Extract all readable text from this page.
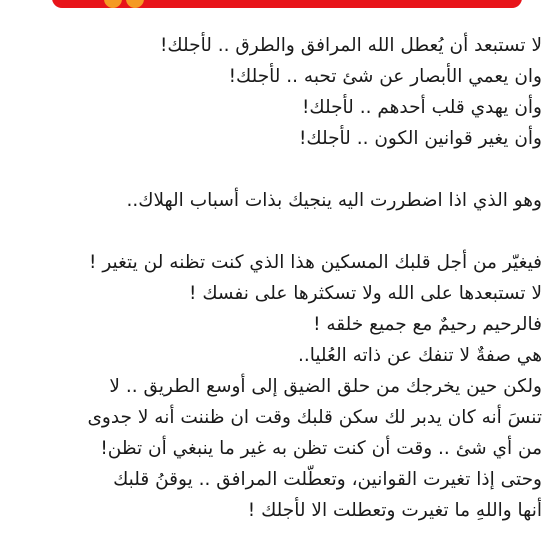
لا تستبعد أن يُعطل الله المرافق والطرق .. لأجلك!
وان يعمي الأبصار عن شئ تحبه .. لأجلك!
وأن يهدي قلب أحدهم .. لأجلك!
وأن يغير قوانين الكون .. لأجلك!
وهو الذي اذا اضطررت اليه ينجيك بذات أسباب الهلاك..
فيغيّر من أجل قلبك المسكين هذا الذي كنت تظنه لن يتغير !
لا تستبعدها على الله ولا تسكثرها على نفسك !
فالرحيم رحيمٌ مع جميع خلقه !
هي صفةٌ لا تنفك عن ذاته العُليا..
ولكن حين يخرجك من حلق الضيق إلى أوسع الطريق .. لا
تنسَ أنه كان يدبر لك سكن قلبك وقت ان ظننت أنه لا جدوى
من أي شئ .. وقت أن كنت تظن به غير ما ينبغي أن تظن!
وحتى إذا تغيرت القوانين، وتعطّلت المرافق .. يوقنُ قلبك
أنها واللهِ ما تغيرت وتعطلت الا لأجلك !
